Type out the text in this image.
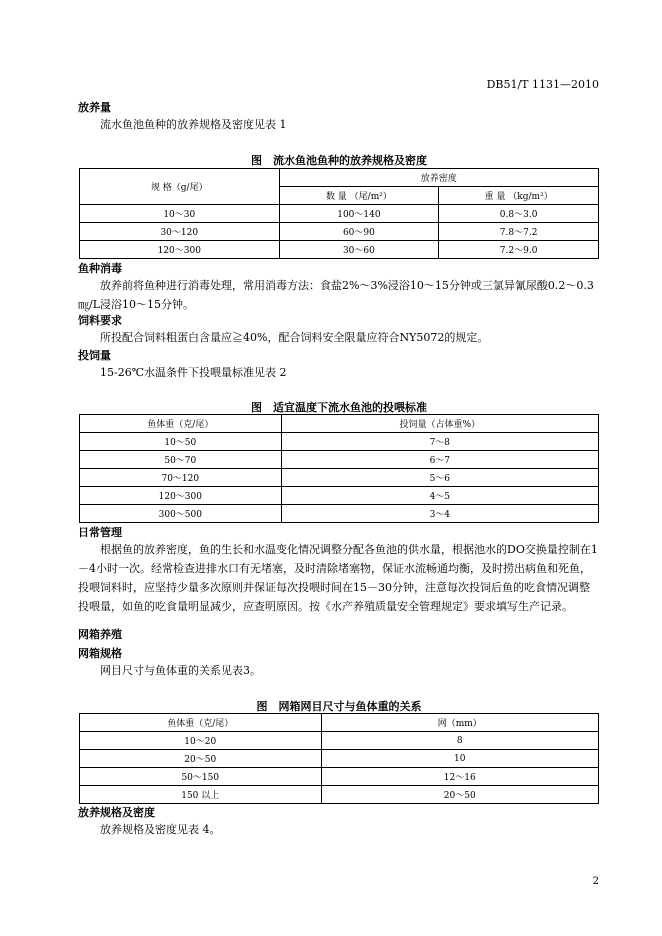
DB51/T 1131—2010
放养量
流水鱼池鱼种的放养规格及密度见表 1
图　流水鱼池鱼种的放养规格及密度
规 格（g/尾）	放养密度	
	数 量 （尾/m²）	重 量 （kg/m²）
10～30	100～140	0.8～3.0
30～120	60～90	7.8～7.2
120～300	30～60	7.2～9.0
鱼种消毒
放养前将鱼种进行消毒处理，常用消毒方法：食盐2%～3%浸浴10～15分钟或三氯异氰尿酸0.2～0.3㎎/L浸浴10～15分钟。
饲料要求
所投配合饲料粗蛋白含量应≧40%，配合饲料安全限量应符合NY5072的规定。
投饲量
15-26℃水温条件下投喂量标准见表 2
图　适宜温度下流水鱼池的投喂标准
鱼体重（克/尾）	投饲量（占体重%）
10～50	7～8
50～70	6～7
70～120	5～6
120～300	4～5
300～500	3～4
日常管理
根据鱼的放养密度，鱼的生长和水温变化情况调整分配各鱼池的供水量，根据池水的DO交换量控制在1－4小时一次。经常检查进排水口有无堵塞，及时清除堵塞物，保证水流畅通均衡，及时捞出病鱼和死鱼，投喂饲料时，应坚持少量多次原则并保证每次投喂时间在15－30分钟，注意每次投饲后鱼的吃食情况调整投喂量，如鱼的吃食量明显减少，应查明原因。按《水产养殖质量安全管理规定》要求填写生产记录。
网箱养殖
网箱规格
网目尺寸与鱼体重的关系见表3。
图　网箱网目尺寸与鱼体重的关系
鱼体重（克/尾）	网（mm）
10～20	8
20～50	10
50～150	12～16
150 以上	20～50
放养规格及密度
放养规格及密度见表 4。
2
